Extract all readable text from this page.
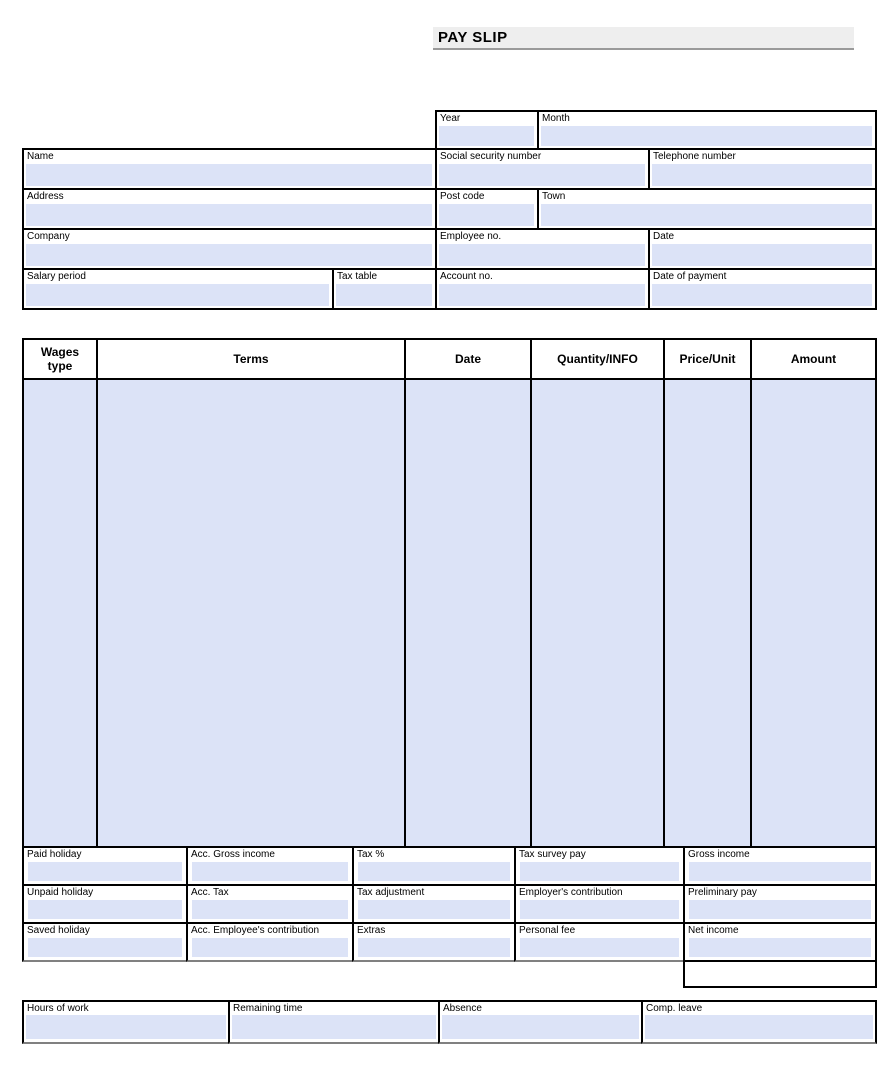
PAY SLIP
Year	Month
Name	Social security number	Telephone number
Address	Post code	Town
Company	Employee no.	Date
Salary period	Tax table	Account no.	Date of payment
Wages type	Terms	Date	Quantity/INFO	Price/Unit	Amount
Paid holiday	Acc. Gross income	Tax %	Tax survey pay	Gross income
Unpaid holiday	Acc. Tax	Tax adjustment	Employer's contribution	Preliminary pay
Saved holiday	Acc. Employee's contribution	Extras	Personal fee	Net income
Hours of work	Remaining time	Absence	Comp. leave
